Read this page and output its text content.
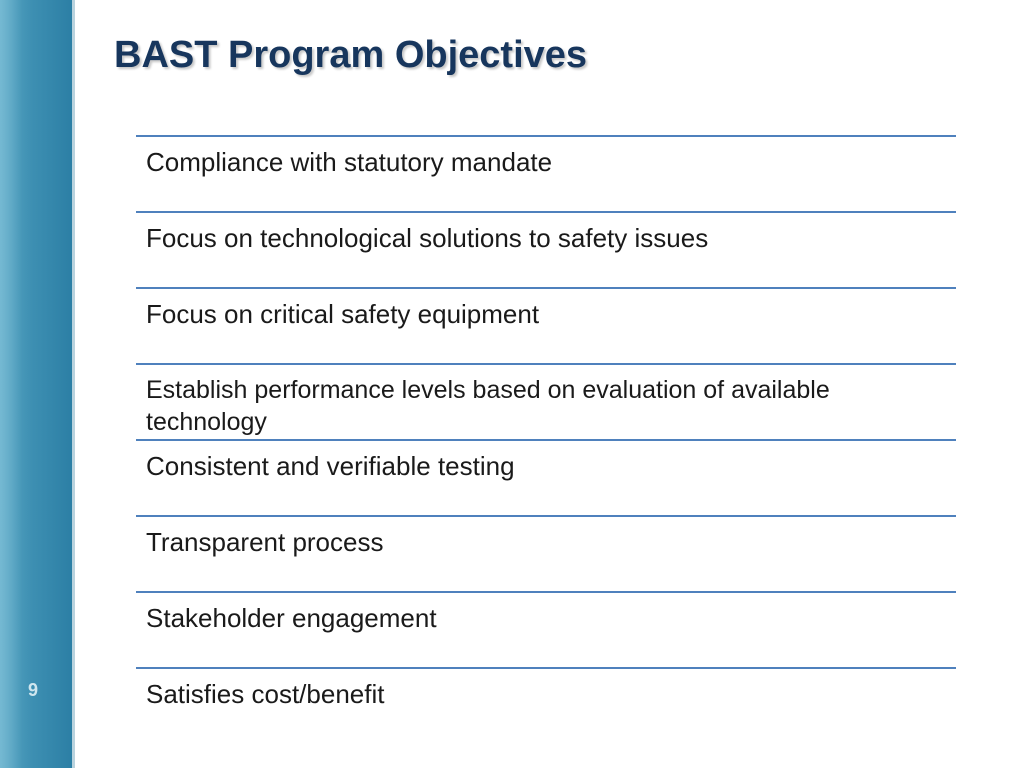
9
BAST Program Objectives
Compliance with statutory mandate
Focus on technological solutions to safety issues
Focus on critical safety equipment
Establish performance levels based on evaluation of available technology
Consistent and verifiable testing
Transparent process
Stakeholder engagement
Satisfies cost/benefit
